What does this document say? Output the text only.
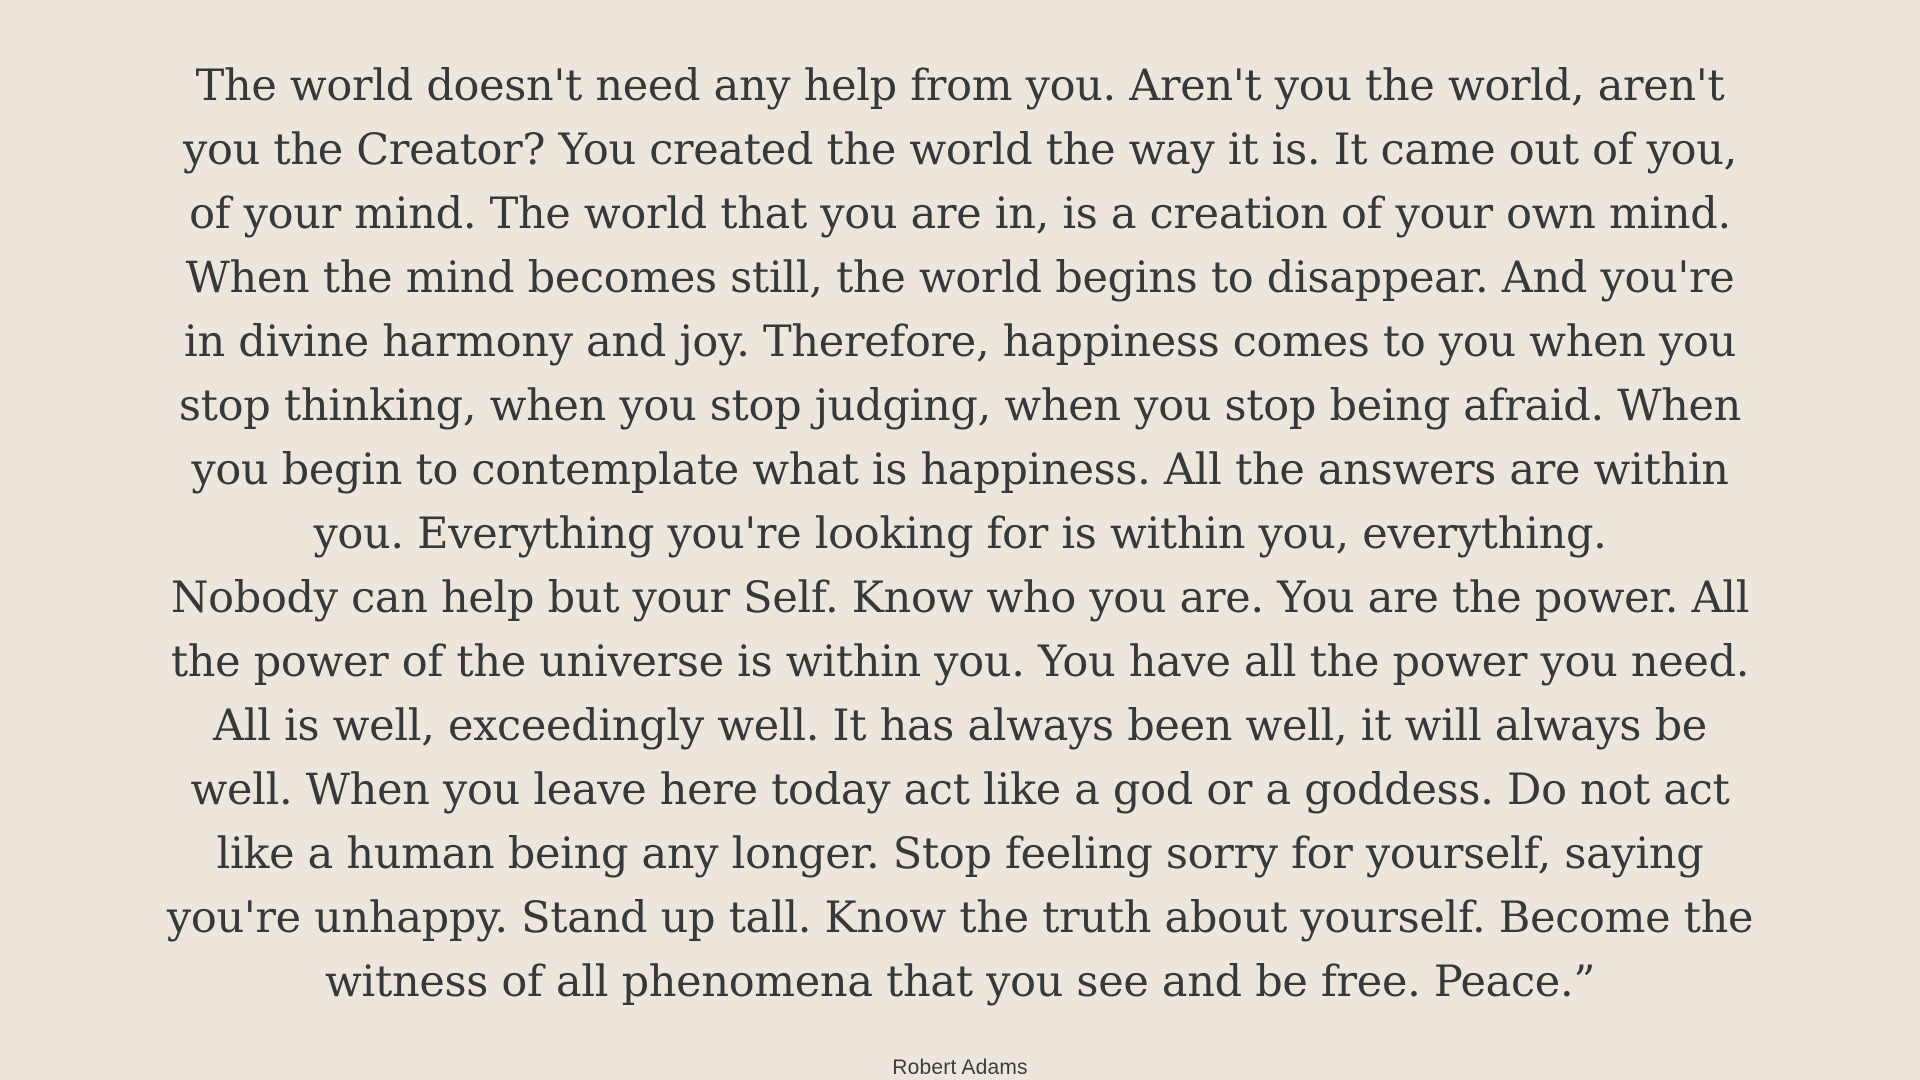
The world doesn't need any help from you. Aren't you the world, aren't you the Creator? You created the world the way it is. It came out of you, of your mind. The world that you are in, is a creation of your own mind. When the mind becomes still, the world begins to disappear. And you're in divine harmony and joy. Therefore, happiness comes to you when you stop thinking, when you stop judging, when you stop being afraid. When you begin to contemplate what is happiness. All the answers are within you. Everything you're looking for is within you, everything.

Nobody can help but your Self. Know who you are. You are the power. All the power of the universe is within you. You have all the power you need. All is well, exceedingly well. It has always been well, it will always be well. When you leave here today act like a god or a goddess. Do not act like a human being any longer. Stop feeling sorry for yourself, saying you're unhappy. Stand up tall. Know the truth about yourself. Become the witness of all phenomena that you see and be free. Peace.”

Robert Adams
